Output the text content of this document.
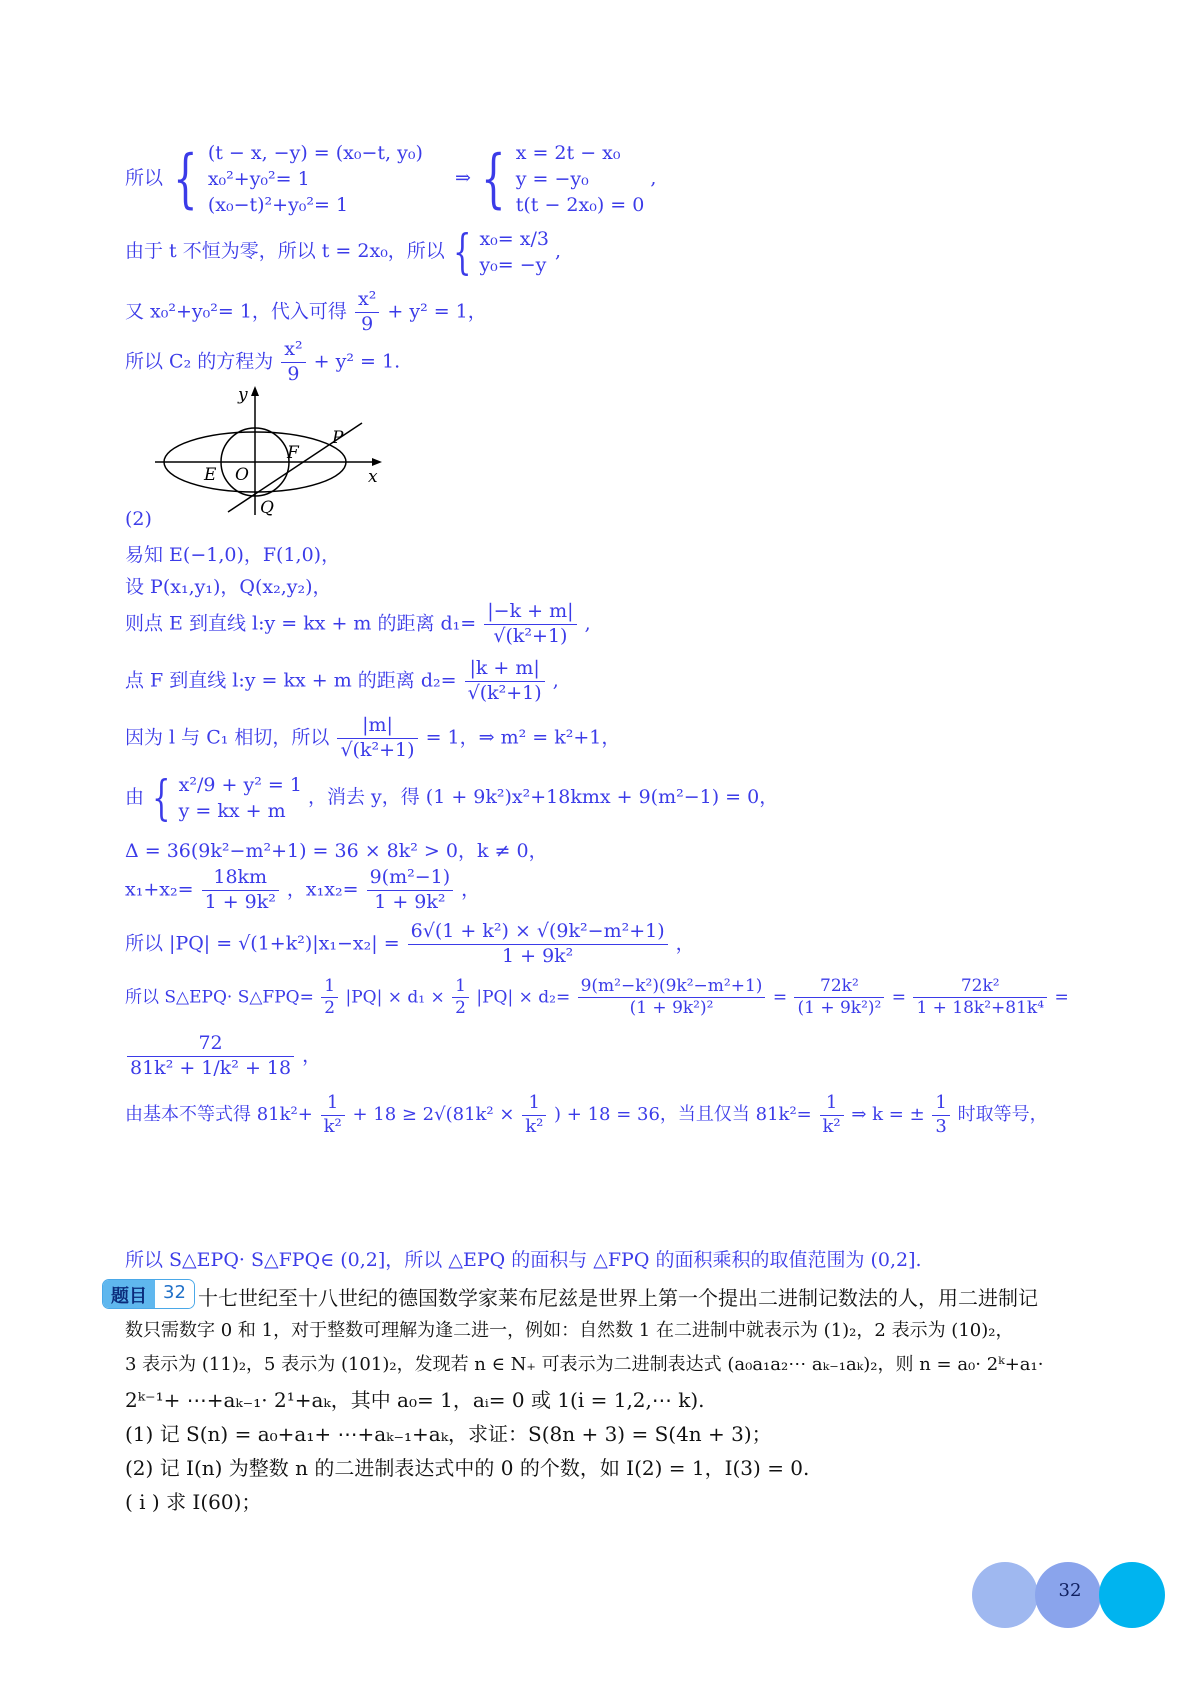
所以 { (t − x, −y) = (x₀−t, y₀)
x₀²+y₀²= 1
(x₀−t)²+y₀²= 1
⇒ { x = 2t − x₀
y = −y₀
t(t − 2x₀) = 0
,
由于 t 不恒为零，所以 t = 2x₀，所以 { x₀= x/3
y₀= −y
,
又 x₀²+y₀²= 1，代入可得 $\frac{\text{x²}}{9} + y^2 = 1$，
所以 C₂ 的方程为 $\frac{\text{x²}}{9} + y^2 = 1$.
y
x
P
F
E O
Q
(2)
易知 E(−1,0)，F(1,0)，
设 P(x₁,y₁)，Q(x₂,y₂)，
则点 E 到直线 l:y = kx + m 的距离 $d_1= \frac{|-k + m|}{\text{√(k²+1)}}$ ,
点 F 到直线 l:y = kx + m 的距离 $d_2= \frac{|k + m|}{\text{√(k²+1)}}$ ,
因为 l 与 C₁ 相切，所以 $\frac{|m|}{\text{√(k²+1)}} = 1$，⇒ m² = k²+1，
由 { x²/9 + y² = 1
y = kx + m
，消去 y，得 (1 + 9k²)x²+18kmx + 9(m²−1) = 0，
Δ = 36(9k²−m²+1) = 36 × 8k² > 0，k ≠ 0，
$x_1+x_2= \frac{18km}{\text{1 + 9k²}}$ ，$x_1x_2= \frac{\text{9(m²−1)}}{\text{1 + 9k²}}$ ，
所以 $|PQ| = √(1+k^2)|x_1-x_2| = \frac{\text{6√(1 + k²) × √(9k²−m²+1)}}{\text{1 + 9k²}}$ ，
所以 S△EPQ· S△FPQ= $\frac{1}{2} |PQ| \times d_1 \times \frac{1}{2} |PQ| \times d_2= \frac{\text{9(m²−k²)(9k²−m²+1)}}{\text{(1 + 9k²)²}} = \frac{\text{72k²}}{\text{(1 + 9k²)²}} = \frac{\text{72k²}}{\text{1 + 18k²+81k⁴}}$ =
$\frac{72}{\text{81k² + 1/k² + 18}}$ ，
由基本不等式得 $81k^2+ \frac{1}{\text{k²}} + 18 \ge 2√(81k^2 \times \frac{1}{\text{k²}}$ ) + 18 = 36，当且仅当 $81k^2= \frac{1}{\text{k²}}$ ⇒ k = ± $\frac{1}{3}$ 时取等号，
所以 S△EPQ· S△FPQ∈ (0,2]，所以 △EPQ 的面积与 △FPQ 的面积乘积的取值范围为 (0,2].
题目 32 十七世纪至十八世纪的德国数学家莱布尼兹是世界上第一个提出二进制记数法的人，用二进制记
数只需数字 0 和 1，对于整数可理解为逢二进一，例如：自然数 1 在二进制中就表示为 (1)₂，2 表示为 (10)₂，
3 表示为 (11)₂，5 表示为 (101)₂，发现若 n ∈ N₊ 可表示为二进制表达式 (a₀a₁a₂⋯ aₖ₋₁aₖ)₂，则 n = a₀· 2ᵏ+a₁·
2ᵏ⁻¹+ ⋯+aₖ₋₁· 2¹+aₖ，其中 a₀= 1，aᵢ= 0 或 1(i = 1,2,⋯ k).
(1) 记 S(n) = a₀+a₁+ ⋯+aₖ₋₁+aₖ，求证：S(8n + 3) = S(4n + 3)；
(2) 记 I(n) 为整数 n 的二进制表达式中的 0 的个数，如 I(2) = 1，I(3) = 0.
( i ) 求 I(60)；
32
